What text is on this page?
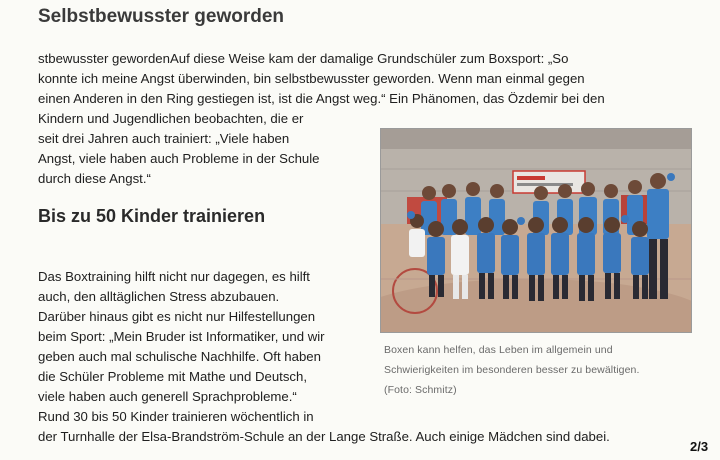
Selbstbewusster geworden
stbewusster gewordenAuf diese Weise kam der damalige Grundschüler zum Boxsport: „So
konnte ich meine Angst überwinden, bin selbstbewusster geworden. Wenn man einmal gegen
einen Anderen in den Ring gestiegen ist, ist die Angst weg.“ Ein Phänomen, das Özdemir bei den
Kindern und Jugendlichen beobachten, die er
seit drei Jahren auch trainiert: „Viele haben
Angst, viele haben auch Probleme in der Schule
durch diese Angst.“
Bis zu 50 Kinder trainieren
Das Boxtraining hilft nicht nur dagegen, es hilft
auch, den alltäglichen Stress abzubauen.
Darüber hinaus gibt es nicht nur Hilfestellungen
beim Sport: „Mein Bruder ist Informatiker, und wir
geben auch mal schulische Nachhilfe. Oft haben
die Schüler Probleme mit Mathe und Deutsch,
viele haben auch generell Sprachprobleme.“
Rund 30 bis 50 Kinder trainieren wöchentlich in
der Turnhalle der Elsa-Brandström-Schule an der Lange Straße. Auch einige Mädchen sind dabei.
Boxen kann helfen, das Leben im allgemein und
Schwierigkeiten im besonderen besser zu bewältigen.
(Foto: Schmitz)
2/3
